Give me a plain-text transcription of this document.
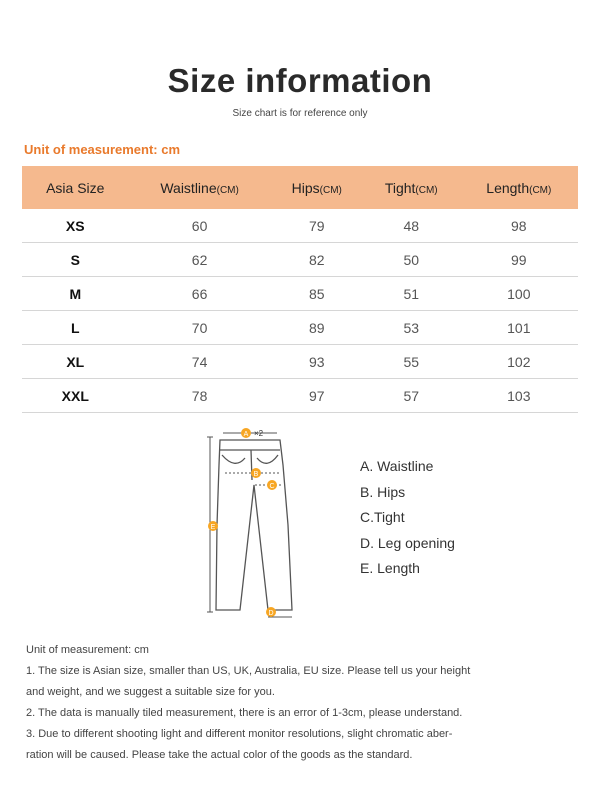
Size information
Size chart is for reference only
Unit of measurement: cm
Asia Size	Waistline(CM)	Hips(CM)	Tight(CM)	Length(CM)
XS	60	79	48	98
S	62	82	50	99
M	66	85	51	100
L	70	89	53	101
XL	74	93	55	102
XXL	78	97	57	103
A ×2
B
C
D
E
A. Waistline
B. Hips
C.Tight
D. Leg opening
E. Length
Unit of measurement: cm
1. The size is Asian size, smaller than US, UK, Australia, EU size. Please tell us your height
and weight, and we suggest a suitable size for you.
2. The data is manually tiled measurement, there is an error of 1-3cm, please understand.
3. Due to different shooting light and different monitor resolutions, slight chromatic aber-
ration will be caused. Please take the actual color of the goods as the standard.
